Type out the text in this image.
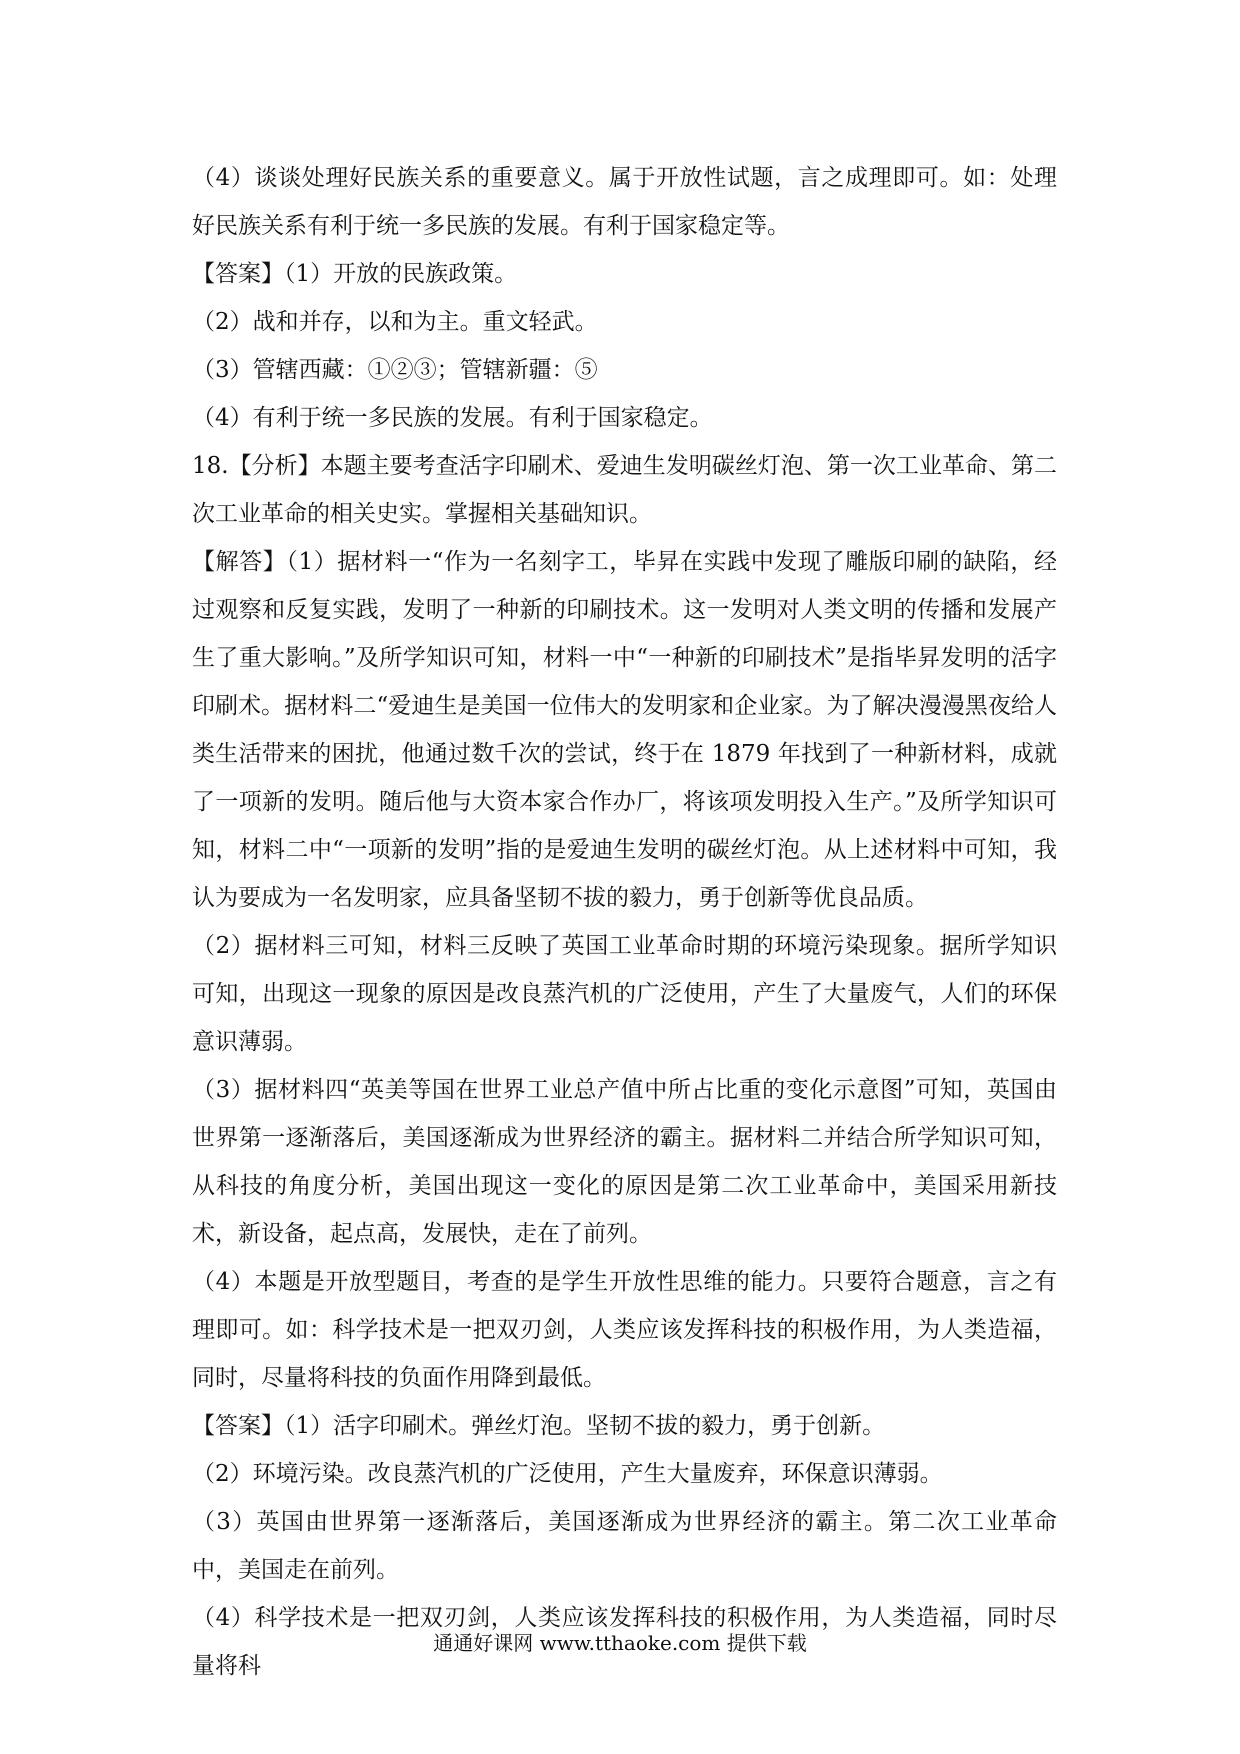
（4）谈谈处理好民族关系的重要意义。属于开放性试题，言之成理即可。如：处理好民族关系有利于统一多民族的发展。有利于国家稳定等。

【答案】（1）开放的民族政策。

（2）战和并存，以和为主。重文轻武。

（3）管辖西藏：①②③；管辖新疆：⑤

（4）有利于统一多民族的发展。有利于国家稳定。

18.【分析】本题主要考查活字印刷术、爱迪生发明碳丝灯泡、第一次工业革命、第二次工业革命的相关史实。掌握相关基础知识。

【解答】（1）据材料一“作为一名刻字工，毕昇在实践中发现了雕版印刷的缺陷，经过观察和反复实践，发明了一种新的印刷技术。这一发明对人类文明的传播和发展产生了重大影响。”及所学知识可知，材料一中“一种新的印刷技术”是指毕昇发明的活字印刷术。据材料二“爱迪生是美国一位伟大的发明家和企业家。为了解决漫漫黑夜给人类生活带来的困扰，他通过数千次的尝试，终于在 1879 年找到了一种新材料，成就了一项新的发明。随后他与大资本家合作办厂，将该项发明投入生产。”及所学知识可知，材料二中“一项新的发明”指的是爱迪生发明的碳丝灯泡。从上述材料中可知，我认为要成为一名发明家，应具备坚韧不拔的毅力，勇于创新等优良品质。

（2）据材料三可知，材料三反映了英国工业革命时期的环境污染现象。据所学知识可知，出现这一现象的原因是改良蒸汽机的广泛使用，产生了大量废气，人们的环保意识薄弱。

（3）据材料四“英美等国在世界工业总产值中所占比重的变化示意图”可知，英国由世界第一逐渐落后，美国逐渐成为世界经济的霸主。据材料二并结合所学知识可知，从科技的角度分析，美国出现这一变化的原因是第二次工业革命中，美国采用新技术，新设备，起点高，发展快，走在了前列。

（4）本题是开放型题目，考查的是学生开放性思维的能力。只要符合题意，言之有理即可。如：科学技术是一把双刃剑，人类应该发挥科技的积极作用，为人类造福，同时，尽量将科技的负面作用降到最低。

【答案】（1）活字印刷术。弹丝灯泡。坚韧不拔的毅力，勇于创新。

（2）环境污染。改良蒸汽机的广泛使用，产生大量废弃，环保意识薄弱。

（3）英国由世界第一逐渐落后，美国逐渐成为世界经济的霸主。第二次工业革命中，美国走在前列。

（4）科学技术是一把双刃剑，人类应该发挥科技的积极作用，为人类造福，同时尽量将科

通通好课网 www.tthaoke.com 提供下载
